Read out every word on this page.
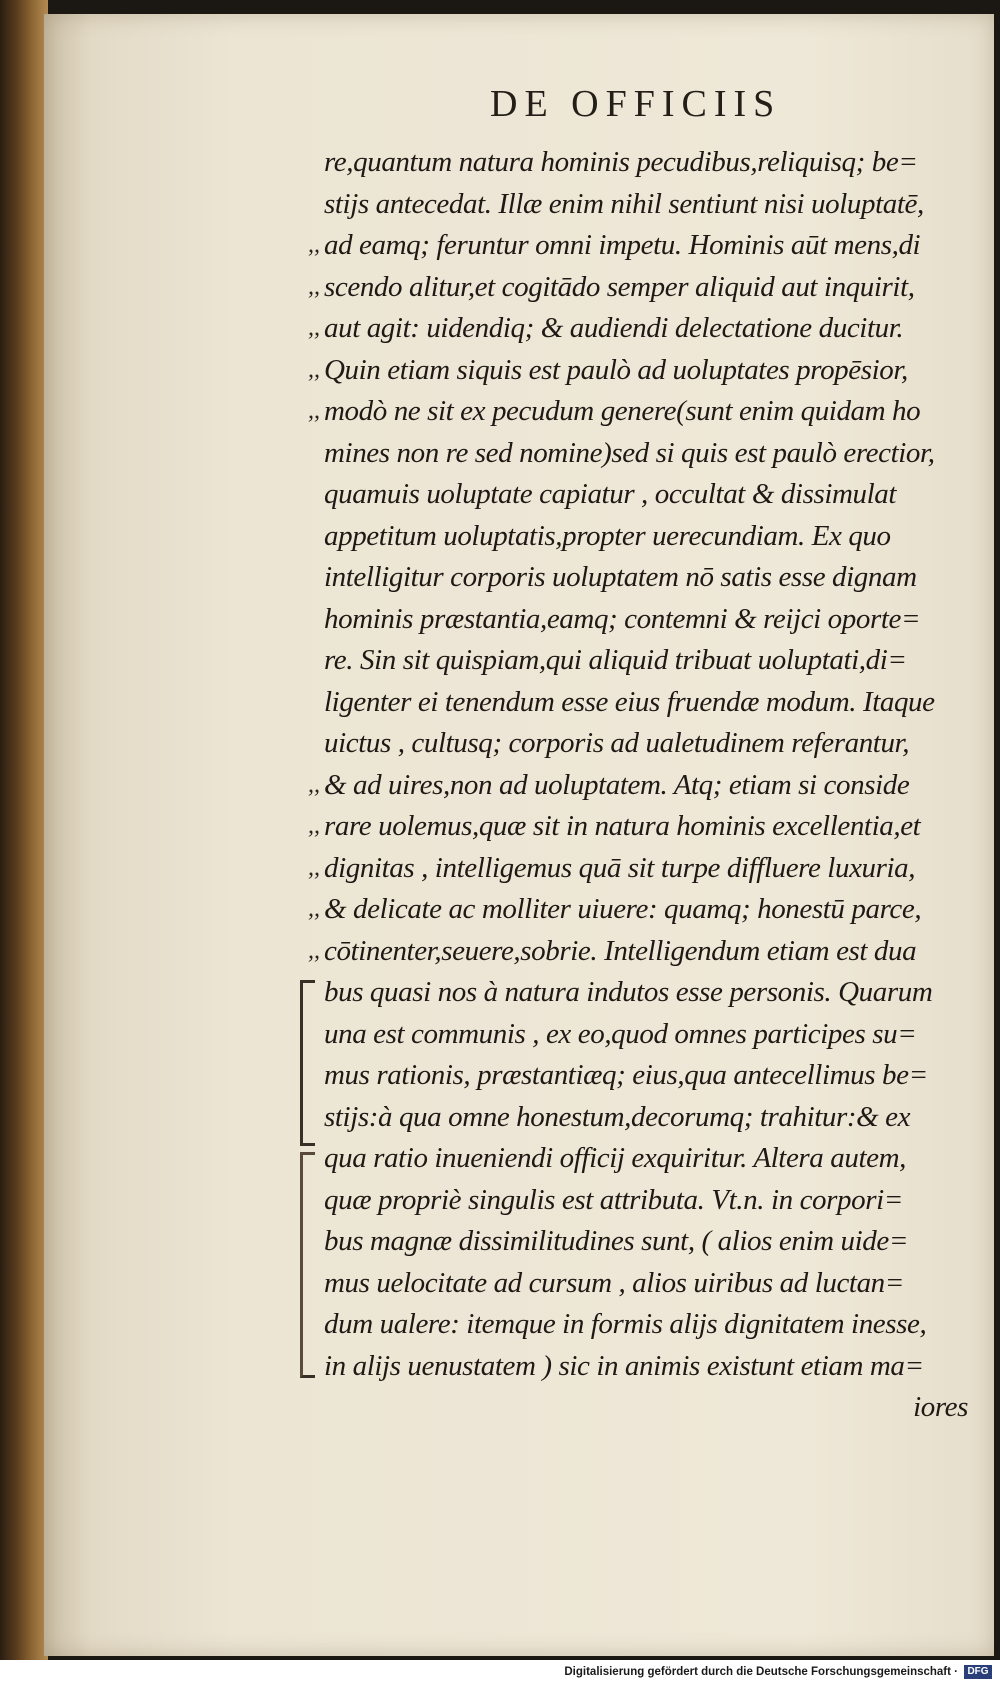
DE OFFICIIS
,,
,,
,,
,,
,,
,,
,,
,,
,,
,,
re,quantum natura hominis pecudibus,reliquisq; be=
stijs antecedat. Illæ enim nihil sentiunt nisi uoluptatē,
ad eamq; feruntur omni impetu. Hominis aūt mens,di
scendo alitur,et cogitādo semper aliquid aut inquirit,
aut agit: uidendiq; & audiendi delectatione ducitur.
Quin etiam siquis est paulò ad uoluptates propēsior,
modò ne sit ex pecudum genere(sunt enim quidam ho
mines non re sed nomine)sed si quis est paulò erectior,
quamuis uoluptate capiatur , occultat & dissimulat
appetitum uoluptatis,propter uerecundiam. Ex quo
intelligitur corporis uoluptatem nō satis esse dignam
hominis præstantia,eamq; contemni & reijci oporte=
re. Sin sit quispiam,qui aliquid tribuat uoluptati,di=
ligenter ei tenendum esse eius fruendæ modum. Itaque
uictus , cultusq; corporis ad ualetudinem referantur,
& ad uires,non ad uoluptatem. Atq; etiam si conside
rare uolemus,quæ sit in natura hominis excellentia,et
dignitas , intelligemus quā sit turpe diffluere luxuria,
& delicate ac molliter uiuere: quamq; honestū parce,
cōtinenter,seuere,sobrie. Intelligendum etiam est dua
bus quasi nos à natura indutos esse personis. Quarum
una est communis , ex eo,quod omnes participes su=
mus rationis, præstantiæq; eius,qua antecellimus be=
stijs:à qua omne honestum,decorumq; trahitur:& ex
qua ratio inueniendi officij exquiritur. Altera autem,
quæ propriè singulis est attributa. Vt.n. in corpori=
bus magnæ dissimilitudines sunt, ( alios enim uide=
mus uelocitate ad cursum , alios uiribus ad luctan=
dum ualere: itemque in formis alijs dignitatem inesse,
in alijs uenustatem ) sic in animis existunt etiam ma=
iores
Digitalisierung gefördert durch die Deutsche Forschungsgemeinschaft · DFG
